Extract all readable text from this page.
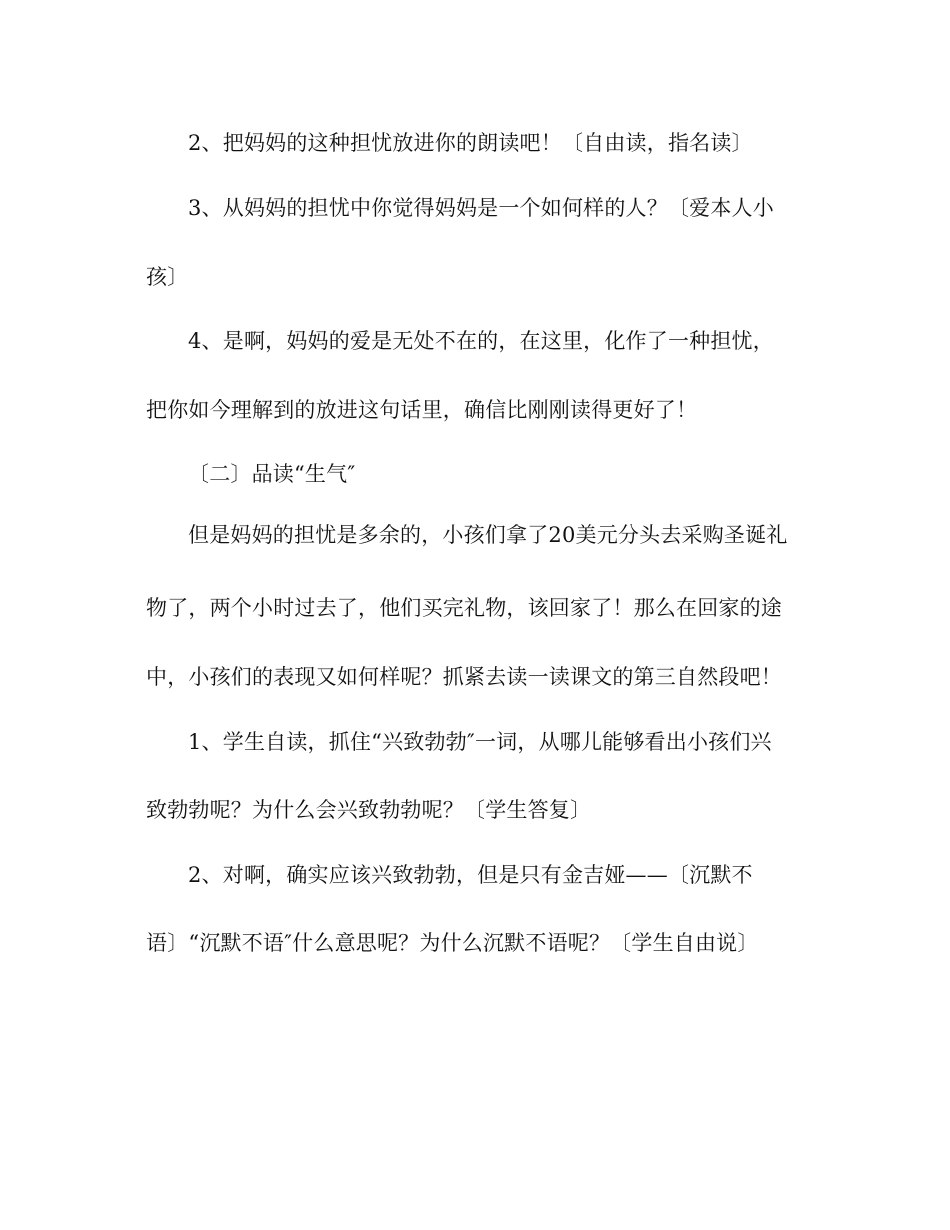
2、把妈妈的这种担忧放进你的朗读吧！〔自由读，指名读〕
3、从妈妈的担忧中你觉得妈妈是一个如何样的人？〔爱本人小
孩〕
4、是啊，妈妈的爱是无处不在的，在这里，化作了一种担忧，
把你如今理解到的放进这句话里，确信比刚刚读得更好了！
〔二〕品读“生气″
但是妈妈的担忧是多余的，小孩们拿了20美元分头去采购圣诞礼
物了，两个小时过去了，他们买完礼物，该回家了！那么在回家的途
中，小孩们的表现又如何样呢？抓紧去读一读课文的第三自然段吧！
1、学生自读，抓住“兴致勃勃″一词，从哪儿能够看出小孩们兴
致勃勃呢？为什么会兴致勃勃呢？〔学生答复〕
2、对啊，确实应该兴致勃勃，但是只有金吉娅——〔沉默不
语〕“沉默不语″什么意思呢？为什么沉默不语呢？〔学生自由说〕
